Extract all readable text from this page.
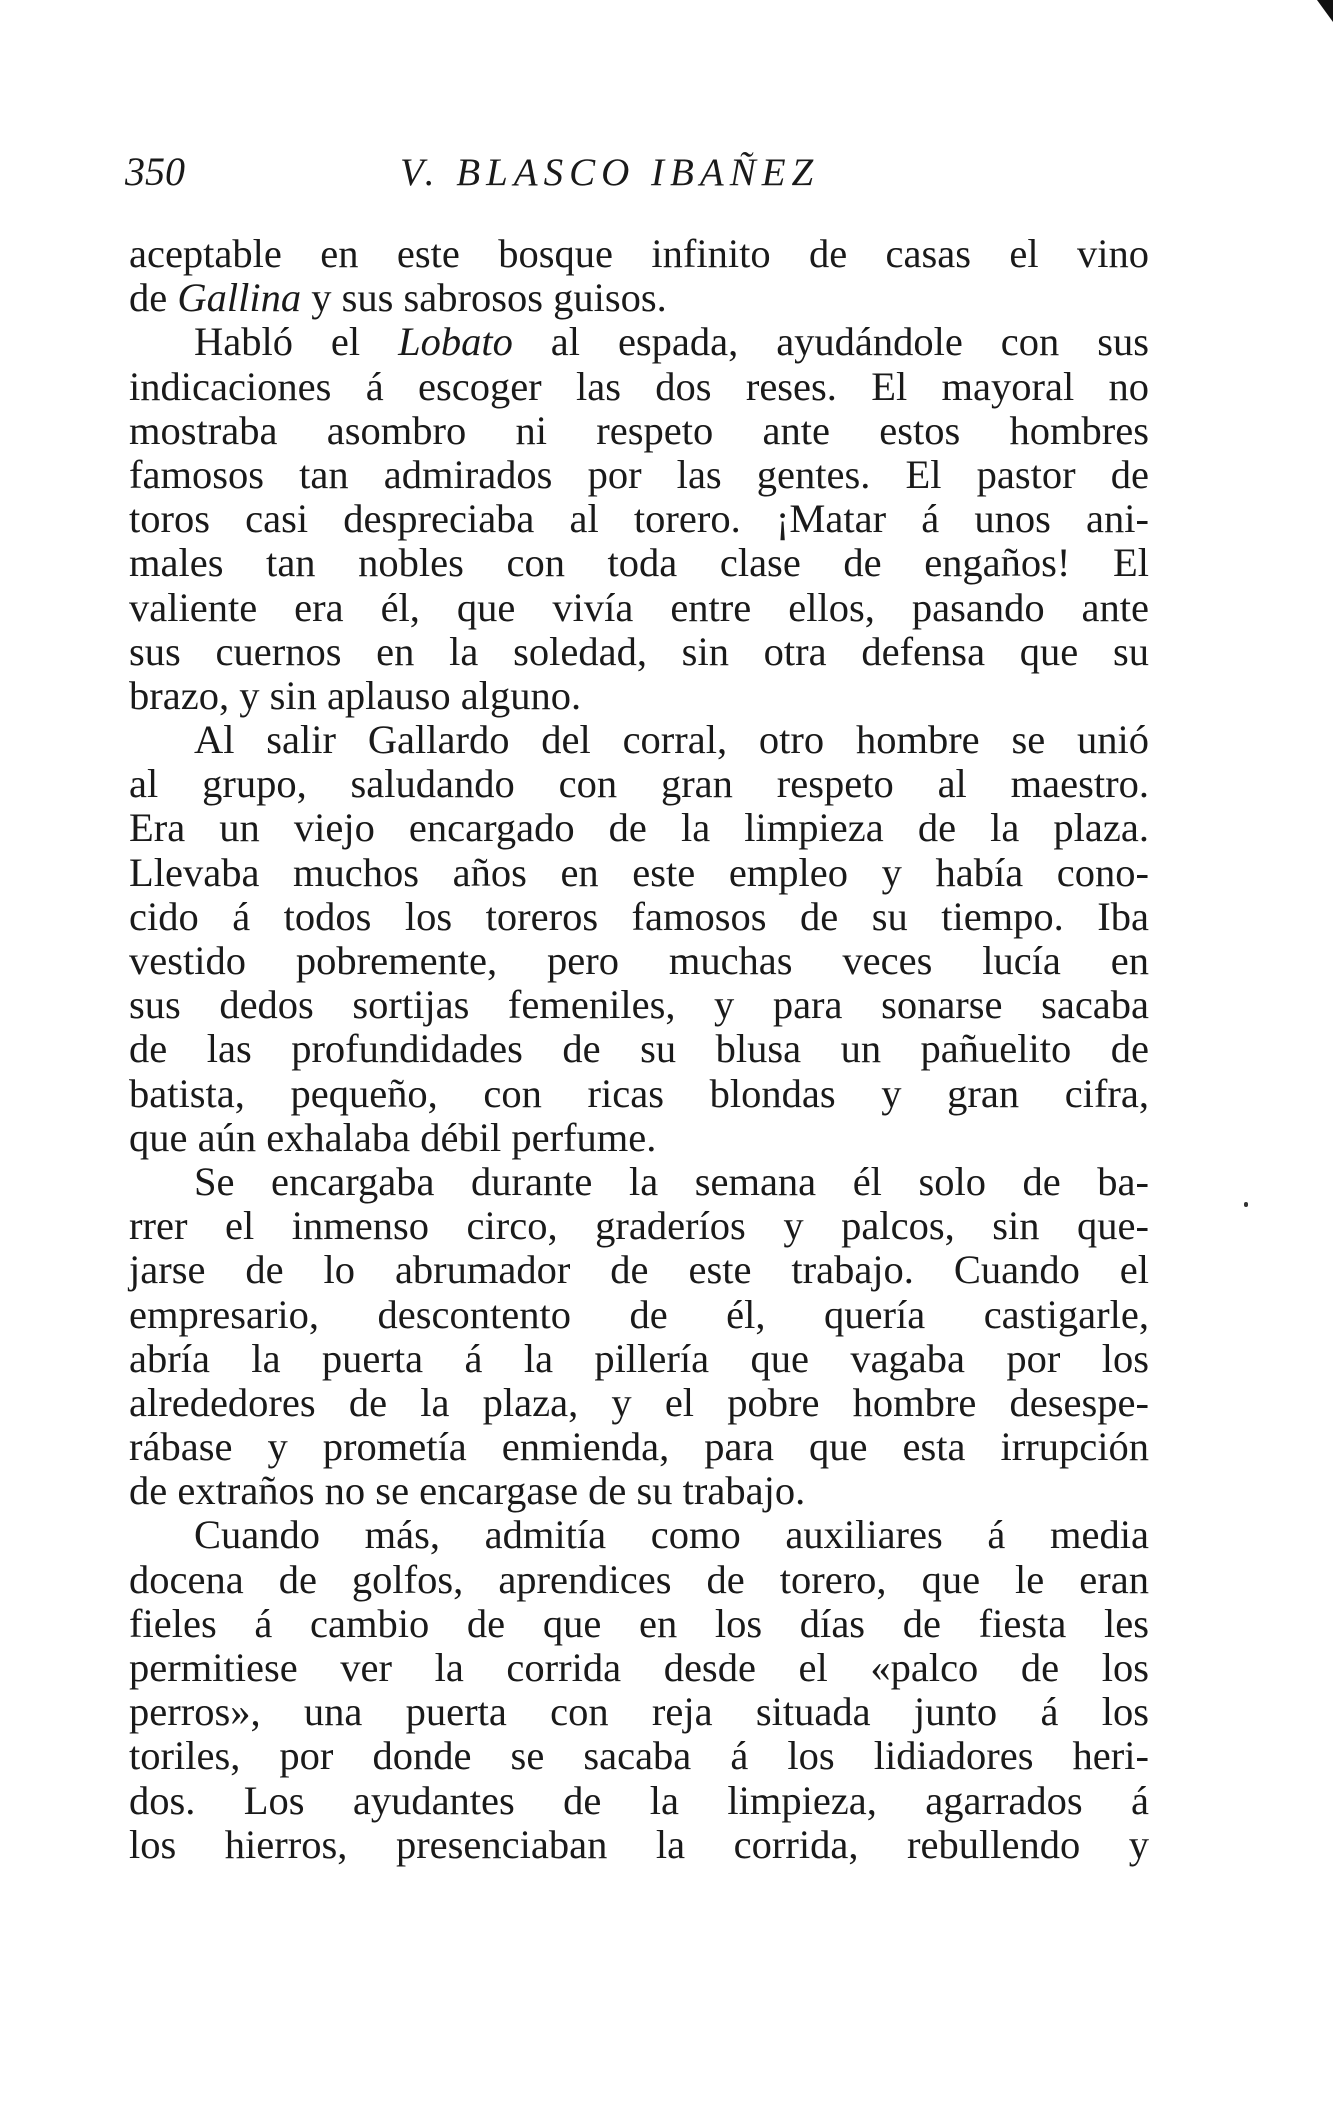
350	V. BLASCO IBAÑEZ
aceptable en este bosque infinito de casas el vino
de Gallina y sus sabrosos guisos.
Habló el Lobato al espada, ayudándole con sus
indicaciones á escoger las dos reses. El mayoral no
mostraba asombro ni respeto ante estos hombres
famosos tan admirados por las gentes. El pastor de
toros casi despreciaba al torero. ¡Matar á unos ani-
males tan nobles con toda clase de engaños! El
valiente era él, que vivía entre ellos, pasando ante
sus cuernos en la soledad, sin otra defensa que su
brazo, y sin aplauso alguno.
Al salir Gallardo del corral, otro hombre se unió
al grupo, saludando con gran respeto al maestro.
Era un viejo encargado de la limpieza de la plaza.
Llevaba muchos años en este empleo y había cono-
cido á todos los toreros famosos de su tiempo. Iba
vestido pobremente, pero muchas veces lucía en
sus dedos sortijas femeniles, y para sonarse sacaba
de las profundidades de su blusa un pañuelito de
batista, pequeño, con ricas blondas y gran cifra,
que aún exhalaba débil perfume.
Se encargaba durante la semana él solo de ba-
rrer el inmenso circo, graderíos y palcos, sin que-
jarse de lo abrumador de este trabajo. Cuando el
empresario, descontento de él, quería castigarle,
abría la puerta á la pillería que vagaba por los
alrededores de la plaza, y el pobre hombre desespe-
rábase y prometía enmienda, para que esta irrupción
de extraños no se encargase de su trabajo.
Cuando más, admitía como auxiliares á media
docena de golfos, aprendices de torero, que le eran
fieles á cambio de que en los días de fiesta les
permitiese ver la corrida desde el «palco de los
perros», una puerta con reja situada junto á los
toriles, por donde se sacaba á los lidiadores heri-
dos. Los ayudantes de la limpieza, agarrados á
los hierros, presenciaban la corrida, rebullendo y
